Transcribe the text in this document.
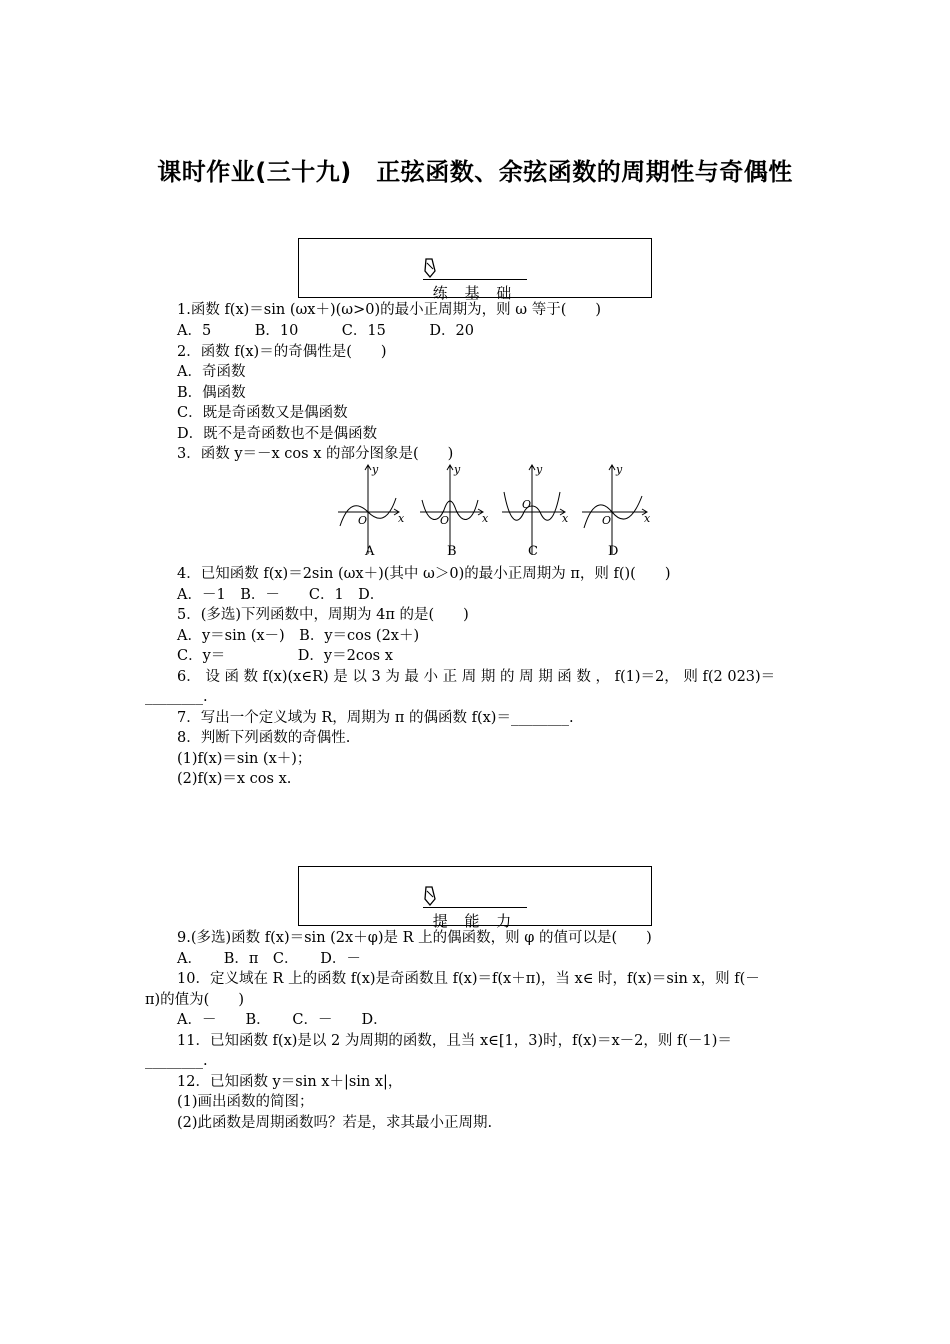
课时作业(三十九)　正弦函数、余弦函数的周期性与奇偶性
练 基 础
1.函数 f(x)＝sin (ωx＋)(ω>0)的最小正周期为，则 ω 等于(　　)
A．5　　　B．10　　　C．15　　　D．20
2．函数 f(x)＝的奇偶性是(　　)
A．奇函数
B．偶函数
C．既是奇函数又是偶函数
D．既不是奇函数也不是偶函数
3．函数 y＝－x cos x 的部分图象是(　　)
y
x
O
y
x
O
y
x
O
y
x
O
A	B	C	D
4．已知函数 f(x)＝2sin (ωx＋)(其中 ω＞0)的最小正周期为 π，则 f()(　　)
A．－1　B．－　　C．1　D．
5．(多选)下列函数中，周期为 4π 的是(　　)
A．y＝sin (x－)　B．y＝cos (2x＋)
C．y＝　　　　　D．y＝2cos x
6． 设 函 数 f(x)(x∈R) 是 以 3 为 最 小 正 周 期 的 周 期 函 数 ， f(1)＝2， 则 f(2 023)＝
________.
7．写出一个定义域为 R，周期为 π 的偶函数 f(x)＝________.
8．判断下列函数的奇偶性.
(1)f(x)＝sin (x＋)；
(2)f(x)＝x cos x.
提 能 力
9.(多选)函数 f(x)＝sin (2x＋φ)是 R 上的偶函数，则 φ 的值可以是(　　)
A．　　B．π　C．　　D．－
10．定义域在 R 上的函数 f(x)是奇函数且 f(x)＝f(x＋π)，当 x∈ 时，f(x)＝sin x，则 f(－
π)的值为(　　)
A．－　　B．　　C．－　　D．
11．已知函数 f(x)是以 2 为周期的函数，且当 x∈[1，3)时，f(x)＝x－2，则 f(－1)＝
________.
12．已知函数 y＝sin x＋|sin x|，
(1)画出函数的简图；
(2)此函数是周期函数吗？若是，求其最小正周期.
